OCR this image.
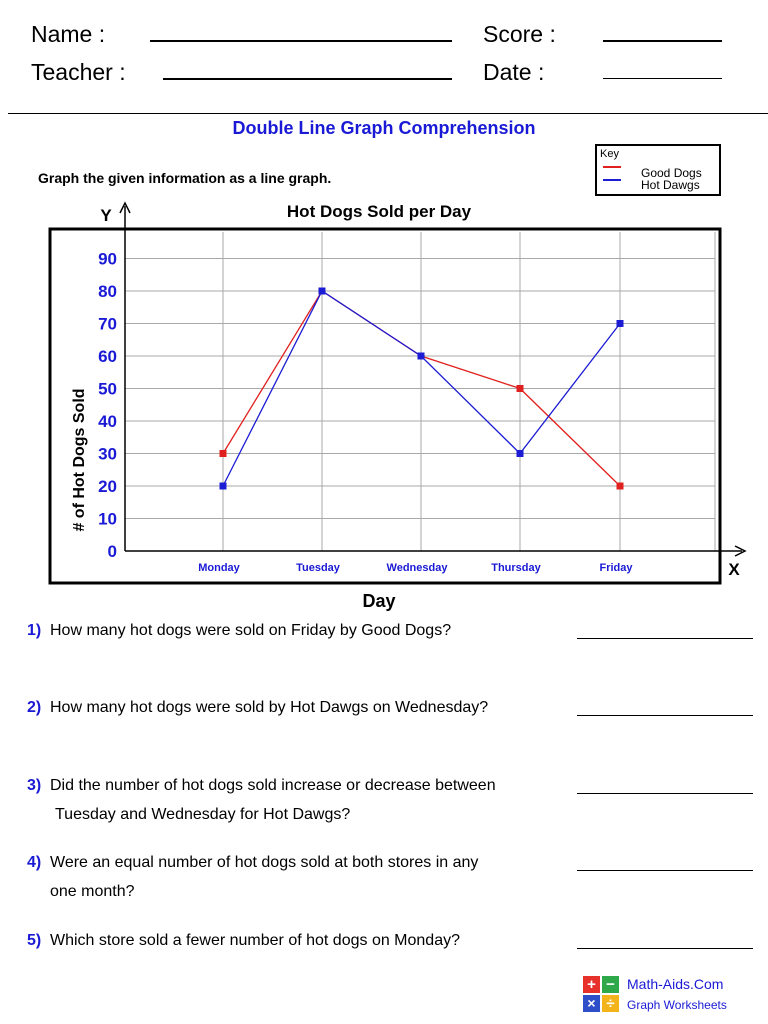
Name :
Teacher :
Score :
Date :
Double Line Graph Comprehension
Graph the given information as a line graph.
Key
Good Dogs
Hot Dawgs
Y
X
Hot Dogs Sold per Day
Day
# of Hot Dogs Sold
0
10
20
30
40
50
60
70
80
90
Monday	Tuesday	Wednesday	Thursday	Friday
1) How many hot dogs were sold on Friday by Good Dogs?
2) How many hot dogs were sold by Hot Dawgs on Wednesday?
3) Did the number of hot dogs sold increase or decrease between
Tuesday and Wednesday for Hot Dawgs?
4) Were an equal number of hot dogs sold at both stores in any
one month?
5) Which store sold a fewer number of hot dogs on Monday?
+ −
× ÷
Math-Aids.Com
Graph Worksheets
